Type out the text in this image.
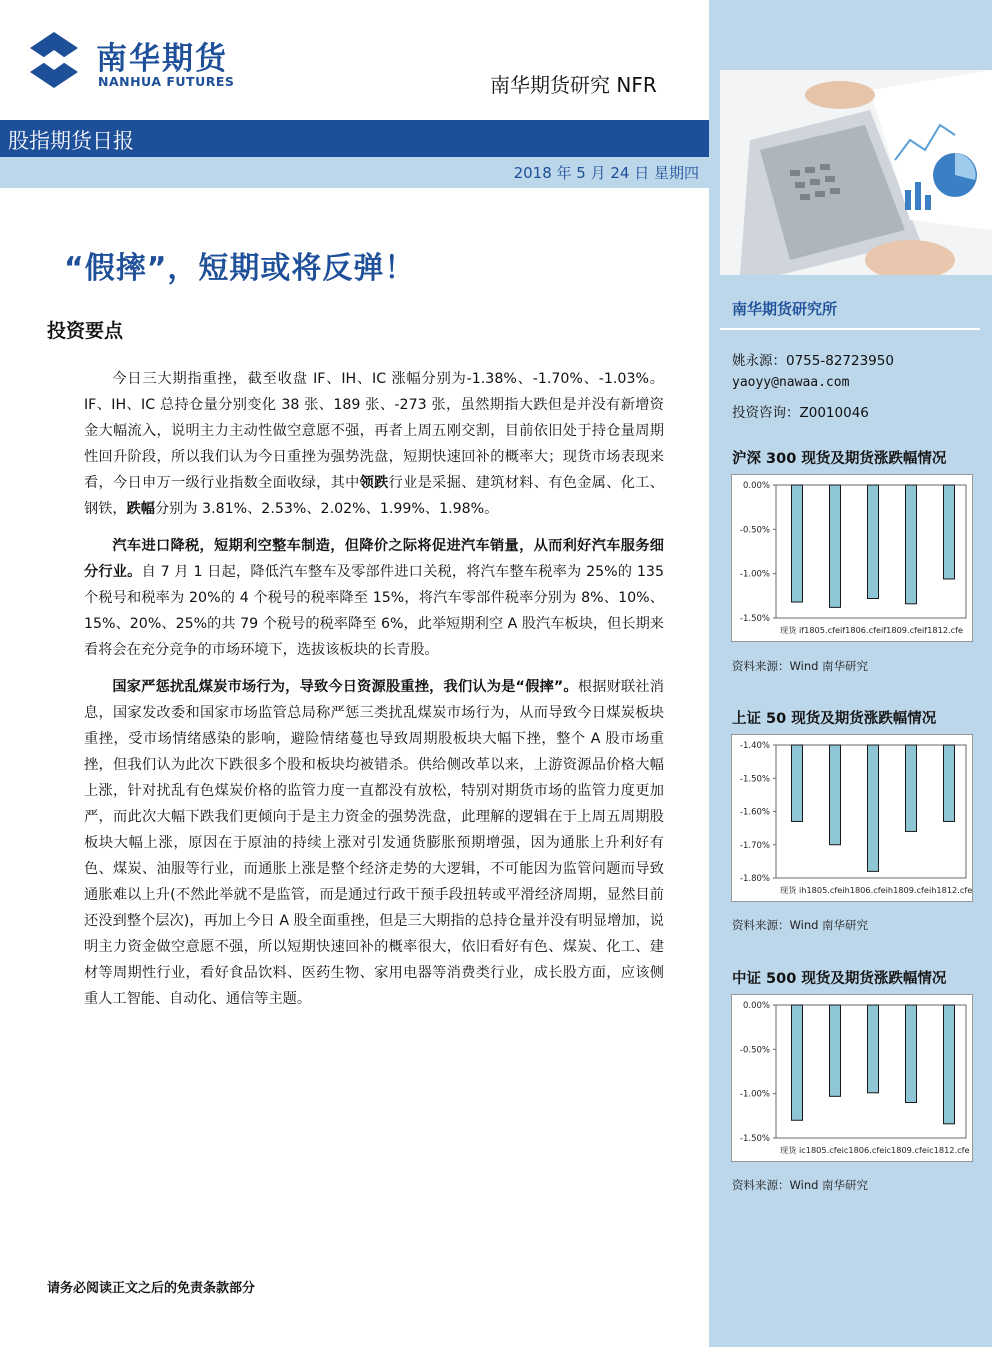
南华期货研究所
姚永源：0755-82723950
yaoyy@nawaa.com
投资咨询：Z0010046
沪深 300 现货及期货涨跌幅情况
0.00%
-0.50%
-1.00%
-1.50%
现货 if1805.cfeif1806.cfeif1809.cfeif1812.cfe
资料来源：Wind 南华研究
上证 50 现货及期货涨跌幅情况
-1.40%
-1.50%
-1.60%
-1.70%
-1.80%
现货 ih1805.cfeih1806.cfeih1809.cfeih1812.cfe
资料来源：Wind 南华研究
中证 500 现货及期货涨跌幅情况
0.00%
-0.50%
-1.00%
-1.50%
现货 ic1805.cfeic1806.cfeic1809.cfeic1812.cfe
资料来源：Wind 南华研究
南华期货
NANHUA FUTURES	南华期货研究 NFR
股指期货日报
2018 年 5 月 24 日 星期四
“假摔”，短期或将反弹！
投资要点

今日三大期指重挫，截至收盘 IF、IH、IC 涨幅分别为-1.38%、-1.70%、-1.03%。IF、IH、IC 总持仓量分别变化 38 张、189 张、-273 张，虽然期指大跌但是并没有新增资金大幅流入，说明主力主动性做空意愿不强，再者上周五刚交割，目前依旧处于持仓量周期性回升阶段，所以我们认为今日重挫为强势洗盘，短期快速回补的概率大；现货市场表现来看，今日申万一级行业指数全面收绿，其中领跌行业是采掘、建筑材料、有色金属、化工、钢铁，跌幅分别为 3.81%、2.53%、2.02%、1.99%、1.98%。

汽车进口降税，短期利空整车制造，但降价之际将促进汽车销量，从而利好汽车服务细分行业。自 7 月 1 日起，降低汽车整车及零部件进口关税，将汽车整车税率为 25%的 135 个税号和税率为 20%的 4 个税号的税率降至 15%，将汽车零部件税率分别为 8%、10%、15%、20%、25%的共 79 个税号的税率降至 6%，此举短期利空 A 股汽车板块，但长期来看将会在充分竞争的市场环境下，选拔该板块的长青股。

国家严惩扰乱煤炭市场行为，导致今日资源股重挫，我们认为是“假摔”。根据财联社消息，国家发改委和国家市场监管总局称严惩三类扰乱煤炭市场行为，从而导致今日煤炭板块重挫，受市场情绪感染的影响，避险情绪蔓也导致周期股板块大幅下挫，整个 A 股市场重挫，但我们认为此次下跌很多个股和板块均被错杀。供给侧改革以来，上游资源品价格大幅上涨，针对扰乱有色煤炭价格的监管力度一直都没有放松，特别对期货市场的监管力度更加严，而此次大幅下跌我们更倾向于是主力资金的强势洗盘，此理解的逻辑在于上周五周期股板块大幅上涨，原因在于原油的持续上涨对引发通货膨胀预期增强，因为通胀上升利好有色、煤炭、油服等行业，而通胀上涨是整个经济走势的大逻辑，不可能因为监管问题而导致通胀难以上升(不然此举就不是监管，而是通过行政干预手段扭转或平滑经济周期，显然目前还没到整个层次)，再加上今日 A 股全面重挫，但是三大期指的总持仓量并没有明显增加，说明主力资金做空意愿不强，所以短期快速回补的概率很大，依旧看好有色、煤炭、化工、建材等周期性行业，看好食品饮料、医药生物、家用电器等消费类行业，成长股方面，应该侧重人工智能、自动化、通信等主题。

请务必阅读正文之后的免责条款部分
